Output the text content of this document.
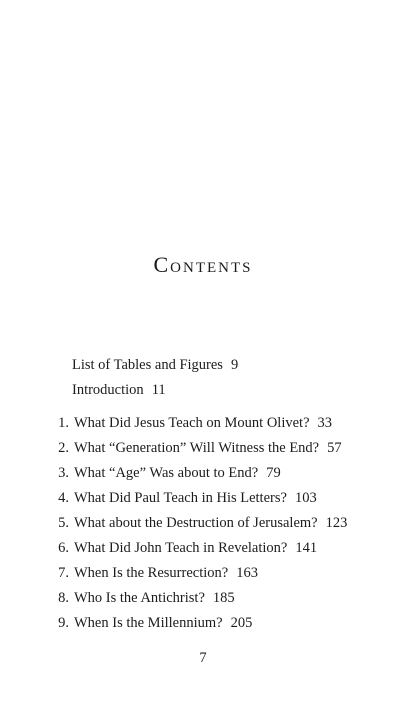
Contents
List of Tables and Figures 9
Introduction 11
1. What Did Jesus Teach on Mount Olivet? 33
2. What “Generation” Will Witness the End? 57
3. What “Age” Was about to End? 79
4. What Did Paul Teach in His Letters? 103
5. What about the Destruction of Jerusalem? 123
6. What Did John Teach in Revelation? 141
7. When Is the Resurrection? 163
8. Who Is the Antichrist? 185
9. When Is the Millennium? 205
7
